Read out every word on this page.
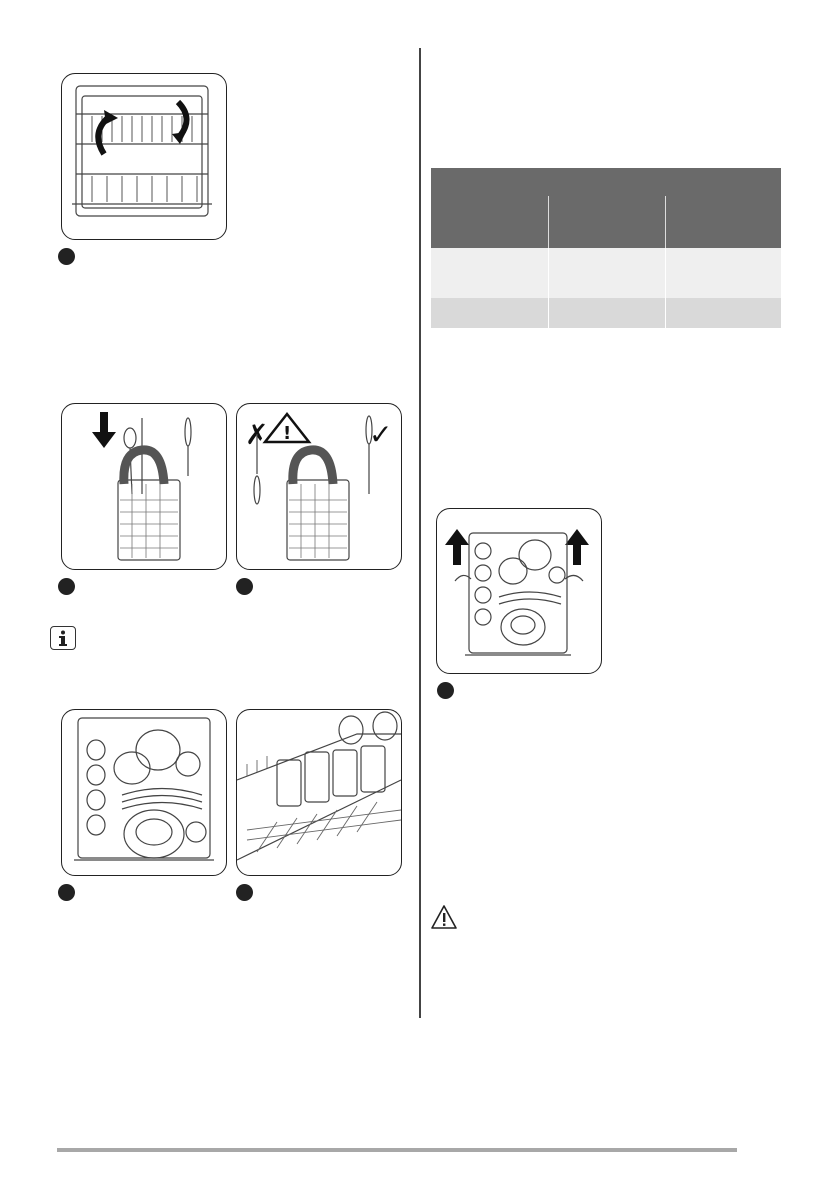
✗ !	✓
